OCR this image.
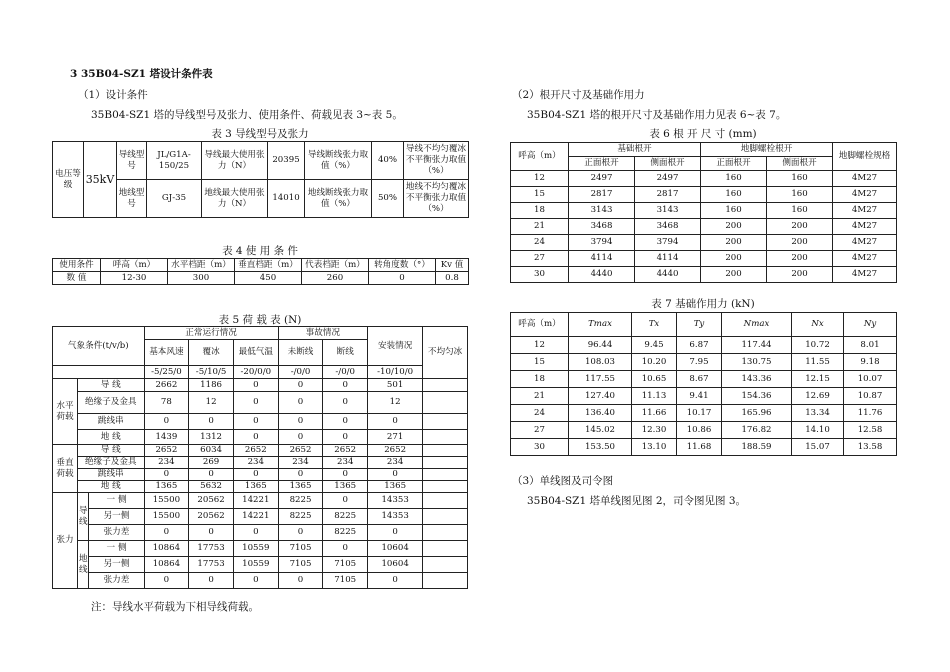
3 35B04-SZ1 塔设计条件表
（1）设计条件
35B04-SZ1 塔的导线型号及张力、使用条件、荷载见表 3~表 5。
表 3 导线型号及张力
电压等级	35kV	导线型号	JL/G1A-150/25	导线最大使用张力（N）	20395	导线断线张力取值（%）	40%	导线不均匀覆冰不平衡张力取值（%）
		地线型号	GJ-35	地线最大使用张力（N）	14010	地线断线张力取值（%）	50%	地线不均匀覆冰不平衡张力取值（%）
表 4 使 用 条 件
使用条件	呼高（m）	水平档距（m）	垂直档距（m）	代表档距（m）	转角度数（°）	Kv 值
数 值	12-30	300	450	260	0	0.8
表 5 荷 载 表 (N)
气象条件(t/v/b)			正常运行情况			事故情况		安装情况	不均匀冰
			基本风速	覆冰	最低气温	未断线	断线		
			-5/25/0	-5/10/5	-20/0/0	-/0/0	-/0/0	-10/10/0	
水平荷载	导 线		2662	1186	0	0	0	501	
	绝缘子及金具		78	12	0	0	0	12	
	跳线串		0	0	0	0	0	0	
	地 线		1439	1312	0	0	0	271	
垂直荷载	导 线		2652	6034	2652	2652	2652	2652	
	绝缘子及金具		234	269	234	234	234	234	
	跳线串		0	0	0	0	0	0	
	地 线		1365	5632	1365	1365	1365	1365	
张力	导线	一 侧	15500	20562	14221	8225	0	14353	
		另一侧	15500	20562	14221	8225	8225	14353	
		张力差	0	0	0	0	8225	0	
	地线	一 侧	10864	17753	10559	7105	0	10604	
		另一侧	10864	17753	10559	7105	7105	10604	
		张力差	0	0	0	0	7105	0	
注：导线水平荷载为下相导线荷载。
（2）根开尺寸及基础作用力
35B04-SZ1 塔的根开尺寸及基础作用力见表 6~表 7。
表 6 根 开 尺 寸 (mm)
呼高（m）	基础根开		地脚螺栓根开		地脚螺栓规格
	正面根开	侧面根开	正面根开	侧面根开	
12	2497	2497	160	160	4M27
15	2817	2817	160	160	4M27
18	3143	3143	160	160	4M27
21	3468	3468	200	200	4M27
24	3794	3794	200	200	4M27
27	4114	4114	200	200	4M27
30	4440	4440	200	200	4M27
表 7 基础作用力 (kN)
呼高（m）	Tmax	Tx	Ty	Nmax	Nx	Ny
12	96.44	9.45	6.87	117.44	10.72	8.01
15	108.03	10.20	7.95	130.75	11.55	9.18
18	117.55	10.65	8.67	143.36	12.15	10.07
21	127.40	11.13	9.41	154.36	12.69	10.87
24	136.40	11.66	10.17	165.96	13.34	11.76
27	145.02	12.30	10.86	176.82	14.10	12.58
30	153.50	13.10	11.68	188.59	15.07	13.58
（3）单线图及司令图
35B04-SZ1 塔单线图见图 2，司令图见图 3。
